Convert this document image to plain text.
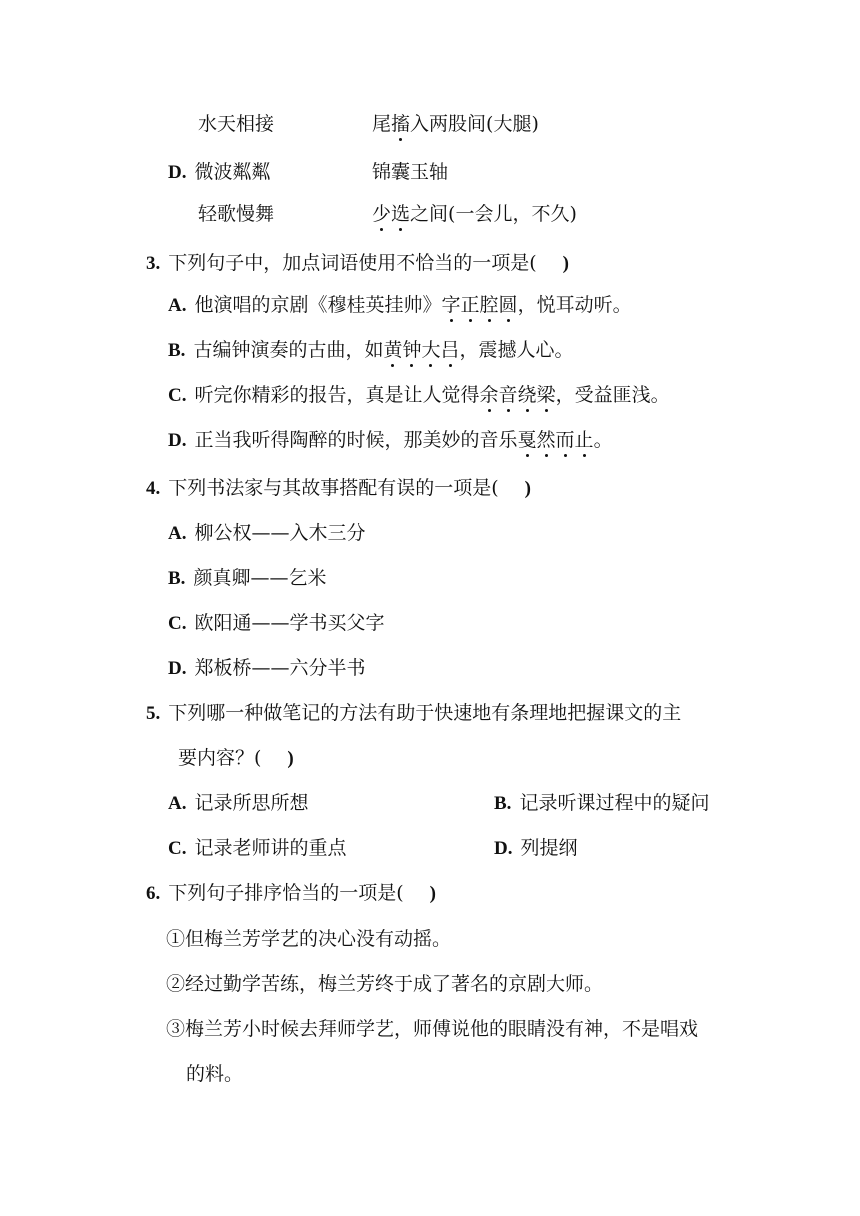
水天相接	尾搐入两股间(大腿)
D. 微波粼粼	锦囊玉轴
轻歌慢舞	少选之间(一会儿，不久)
3. 下列句子中，加点词语使用不恰当的一项是( )
A. 他演唱的京剧《穆桂英挂帅》字正腔圆，悦耳动听。
B. 古编钟演奏的古曲，如黄钟大吕，震撼人心。
C. 听完你精彩的报告，真是让人觉得余音绕梁，受益匪浅。
D. 正当我听得陶醉的时候，那美妙的音乐戛然而止。
4. 下列书法家与其故事搭配有误的一项是( )
A. 柳公权——入木三分
B. 颜真卿——乞米
C. 欧阳通——学书买父字
D. 郑板桥——六分半书
5. 下列哪一种做笔记的方法有助于快速地有条理地把握课文的主
要内容？( )
A. 记录所思所想	B. 记录听课过程中的疑问
C. 记录老师讲的重点	D. 列提纲
6. 下列句子排序恰当的一项是( )
①但梅兰芳学艺的决心没有动摇。
②经过勤学苦练，梅兰芳终于成了著名的京剧大师。
③梅兰芳小时候去拜师学艺，师傅说他的眼睛没有神，不是唱戏
的料。
